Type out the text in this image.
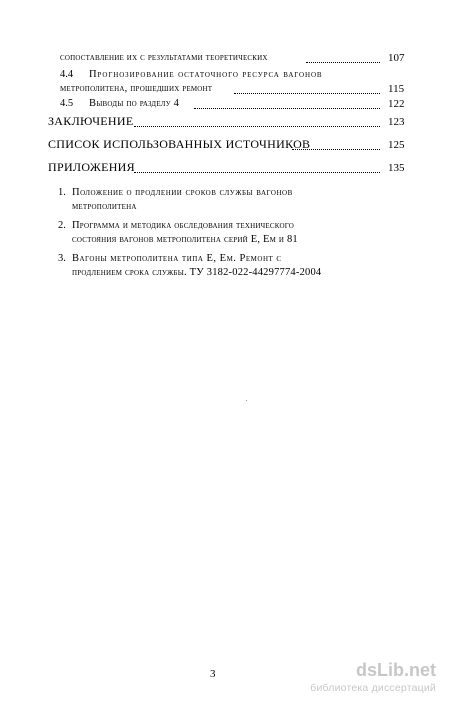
сопоставление их с результатами теоретических	107
4.4 Прогнозирование остаточного ресурса вагонов
метрополитена, прошедших ремонт	115
4.5 Выводы по разделу 4	122
ЗАКЛЮЧЕНИЕ	123
СПИСОК ИСПОЛЬЗОВАННЫХ ИСТОЧНИКОВ	125
ПРИЛОЖЕНИЯ	135
1. Положение о продлении сроков службы вагонов
метрополитена
2. Программа и методика обследования технического
состояния вагонов метрополитена серий Е, Ем и 81
3. Вагоны метрополитена типа Е, Ем. Ремонт с
продлением срока службы. ТУ 3182-022-44297774-2004
3	dsLib.net
библиотека диссертаций
